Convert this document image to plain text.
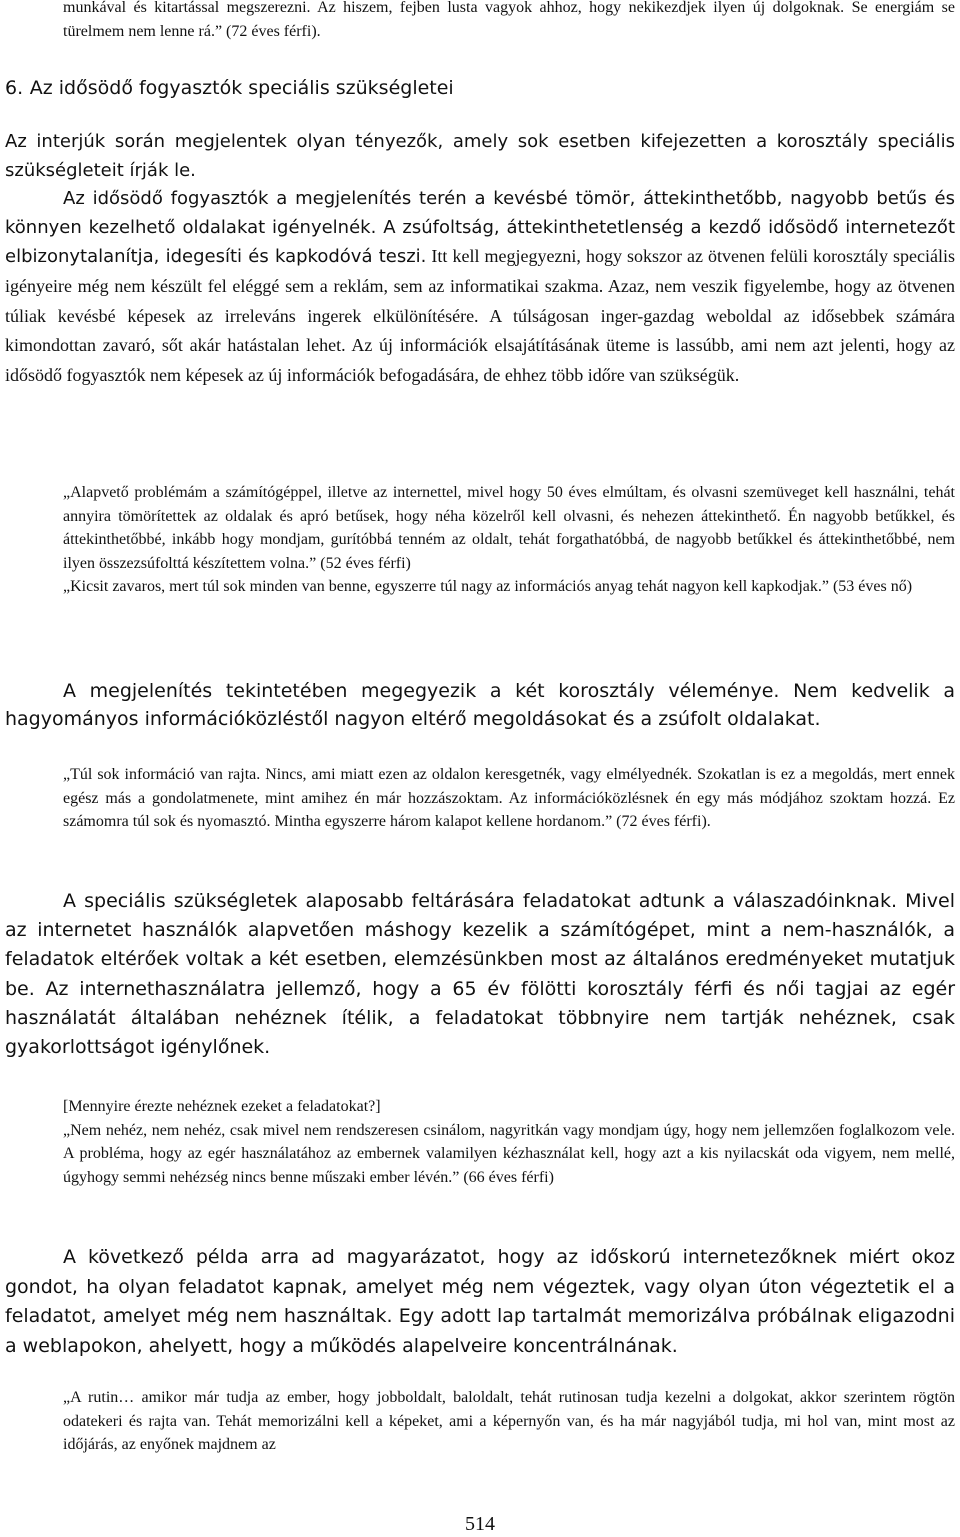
munkával és kitartással megszerezni. Az hiszem, fejben lusta vagyok ahhoz, hogy nekikezdjek ilyen új dolgoknak. Se energiám se türelmem nem lenne rá.” (72 éves férfi).

6. Az idősödő fogyasztók speciális szükségletei

Az interjúk során megjelentek olyan tényezők, amely sok esetben kifejezetten a korosztály speciális szükségleteit írják le.
Az idősödő fogyasztók a megjelenítés terén a kevésbé tömör, áttekinthetőbb, nagyobb betűs és könnyen kezelhető oldalakat igényelnék. A zsúfoltság, áttekinthetetlenség a kezdő idősödő internetezőt elbizonytalanítja, idegesíti és kapkodóvá teszi. Itt kell megjegyezni, hogy sokszor az ötvenen felüli korosztály speciális igényeire még nem készült fel eléggé sem a reklám, sem az informatikai szakma. Azaz, nem veszik figyelembe, hogy az ötvenen túliak kevésbé képesek az irreleváns ingerek elkülönítésére. A túlságosan inger-gazdag weboldal az idősebbek számára kimondottan zavaró, sőt akár hatástalan lehet. Az új információk elsajátításának üteme is lassúbb, ami nem azt jelenti, hogy az idősödő fogyasztók nem képesek az új információk befogadására, de ehhez több időre van szükségük.

„Alapvető problémám a számítógéppel, illetve az internettel, mivel hogy 50 éves elmúltam, és olvasni szemüveget kell használni, tehát annyira tömörítettek az oldalak és apró betűsek, hogy néha közelről kell olvasni, és nehezen áttekinthető. Én nagyobb betűkkel, és áttekinthetőbbé, inkább hogy mondjam, gurítóbbá tenném az oldalt, tehát forgathatóbbá, de nagyobb betűkkel és áttekinthetőbbé, nem ilyen összezsúfolttá készítettem volna.” (52 éves férfi)
„Kicsit zavaros, mert túl sok minden van benne, egyszerre túl nagy az információs anyag tehát nagyon kell kapkodjak.” (53 éves nő)

A megjelenítés tekintetében megegyezik a két korosztály véleménye. Nem kedvelik a hagyományos információközléstől nagyon eltérő megoldásokat és a zsúfolt oldalakat.

„Túl sok információ van rajta. Nincs, ami miatt ezen az oldalon keresgetnék, vagy elmélyednék. Szokatlan is ez a megoldás, mert ennek egész más a gondolatmenete, mint amihez én már hozzászoktam. Az információközlésnek én egy más módjához szoktam hozzá. Ez számomra túl sok és nyomasztó. Mintha egyszerre három kalapot kellene hordanom.” (72 éves férfi).

A speciális szükségletek alaposabb feltárására feladatokat adtunk a válaszadóinknak. Mivel az internetet használók alapvetően máshogy kezelik a számítógépet, mint a nem-használók, a feladatok eltérőek voltak a két esetben, elemzésünkben most az általános eredményeket mutatjuk be. Az internethasználatra jellemző, hogy a 65 év fölötti korosztály férfi és női tagjai az egér használatát általában nehéznek ítélik, a feladatokat többnyire nem tartják nehéznek, csak gyakorlottságot igénylőnek.

[Mennyire érezte nehéznek ezeket a feladatokat?]
„Nem nehéz, nem nehéz, csak mivel nem rendszeresen csinálom, nagyritkán vagy mondjam úgy, hogy nem jellemzően foglalkozom vele. A probléma, hogy az egér használatához az embernek valamilyen kézhasználat kell, hogy azt a kis nyilacskát oda vigyem, nem mellé, úgyhogy semmi nehézség nincs benne műszaki ember lévén.” (66 éves férfi)

A következő példa arra ad magyarázatot, hogy az időskorú internetezőknek miért okoz gondot, ha olyan feladatot kapnak, amelyet még nem végeztek, vagy olyan úton végeztetik el a feladatot, amelyet még nem használtak. Egy adott lap tartalmát memorizálva próbálnak eligazodni a weblapokon, ahelyett, hogy a működés alapelveire koncentrálnának.

„A rutin… amikor már tudja az ember, hogy jobboldalt, baloldalt, tehát rutinosan tudja kezelni a dolgokat, akkor szerintem rögtön odatekeri és rajta van. Tehát memorizálni kell a képeket, ami a képernyőn van, és ha már nagyjából tudja, mi hol van, mint most az időjárás, az enyőnek majdnem az

514
